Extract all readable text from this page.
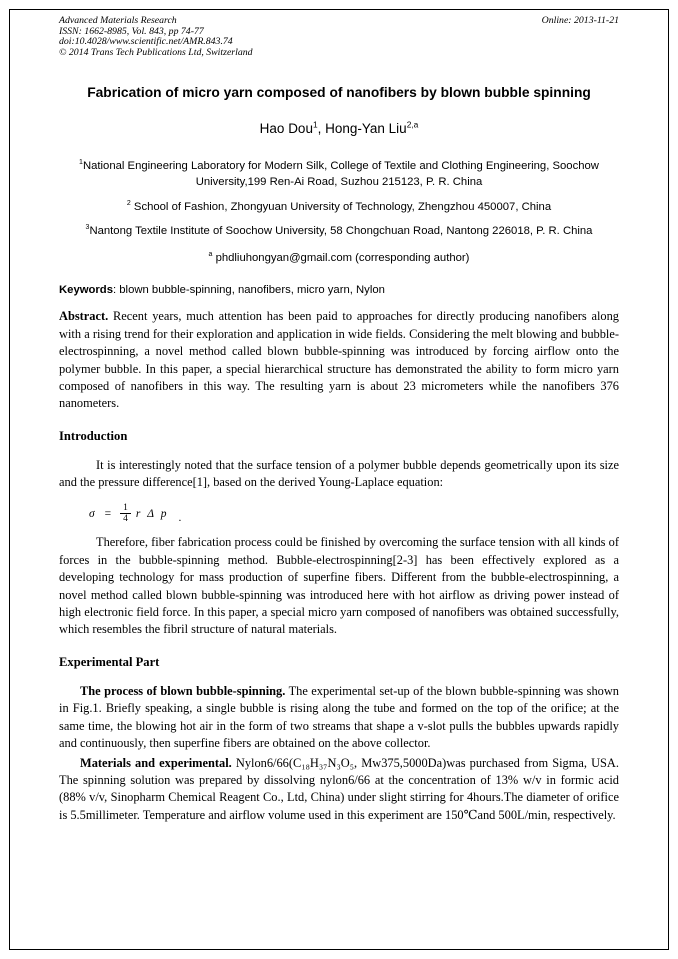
Advanced Materials Research	Online: 2013-11-21
ISSN: 1662-8985, Vol. 843, pp 74-77
doi:10.4028/www.scientific.net/AMR.843.74
© 2014 Trans Tech Publications Ltd, Switzerland
Fabrication of micro yarn composed of nanofibers by blown bubble spinning
Hao Dou$^1$, Hong-Yan Liu$^{2,a}$
$^1$National Engineering Laboratory for Modern Silk, College of Textile and Clothing Engineering, Soochow University,199 Ren-Ai Road, Suzhou 215123, P. R. China
$^2$ School of Fashion, Zhongyuan University of Technology, Zhengzhou 450007, China
$^3$Nantong Textile Institute of Soochow University, 58 Chongchuan Road, Nantong 226018, P. R. China
$^a$ phdliuhongyan@gmail.com (corresponding author)
Keywords: blown bubble-spinning, nanofibers, micro yarn, Nylon

Abstract. Recent years, much attention has been paid to approaches for directly producing nanofibers along with a rising trend for their exploration and application in wide fields. Considering the melt blowing and bubble-electrospinning, a novel method called blown bubble-spinning was introduced by forcing airflow onto the polymer bubble. In this paper, a special hierarchical structure has demonstrated the ability to form micro yarn composed of nanofibers in this way. The resulting yarn is about 23 micrometers while the nanofibers 376 nanometers.

Introduction

It is interestingly noted that the surface tension of a polymer bubble depends geometrically upon its size and the pressure difference[1], based on the derived Young-Laplace equation:

$\sigma = \frac{1}{4}$ r Δ p .

Therefore, fiber fabrication process could be finished by overcoming the surface tension with all kinds of forces in the bubble-spinning method. Bubble-electrospinning[2-3] has been effectively explored as a developing technology for mass production of superfine fibers. Different from the bubble-electrospinning, a novel method called blown bubble-spinning was introduced here with hot airflow as driving power instead of high electronic field force. In this paper, a special micro yarn composed of nanofibers was obtained successfully, which resembles the fibril structure of natural materials.

Experimental Part

The process of blown bubble-spinning. The experimental set-up of the blown bubble-spinning was shown in Fig.1. Briefly speaking, a single bubble is rising along the tube and formed on the top of the orifice; at the same time, the blowing hot air in the form of two streams that shape a v-slot pulls the bubbles upwards rapidly and continuously, then superfine fibers are obtained on the above collector.

Materials and experimental. Nylon6/66(C₁₈H₃₇N₃O₅, Mw375,5000Da)was purchased from Sigma, USA. The spinning solution was prepared by dissolving nylon6/66 at the concentration of 13% w/v in formic acid (88% v/v, Sinopharm Chemical Reagent Co., Ltd, China) under slight stirring for 4hours.The diameter of orifice is 5.5millimeter. Temperature and airflow volume used in this experiment are 150℃and 500L/min, respectively.
